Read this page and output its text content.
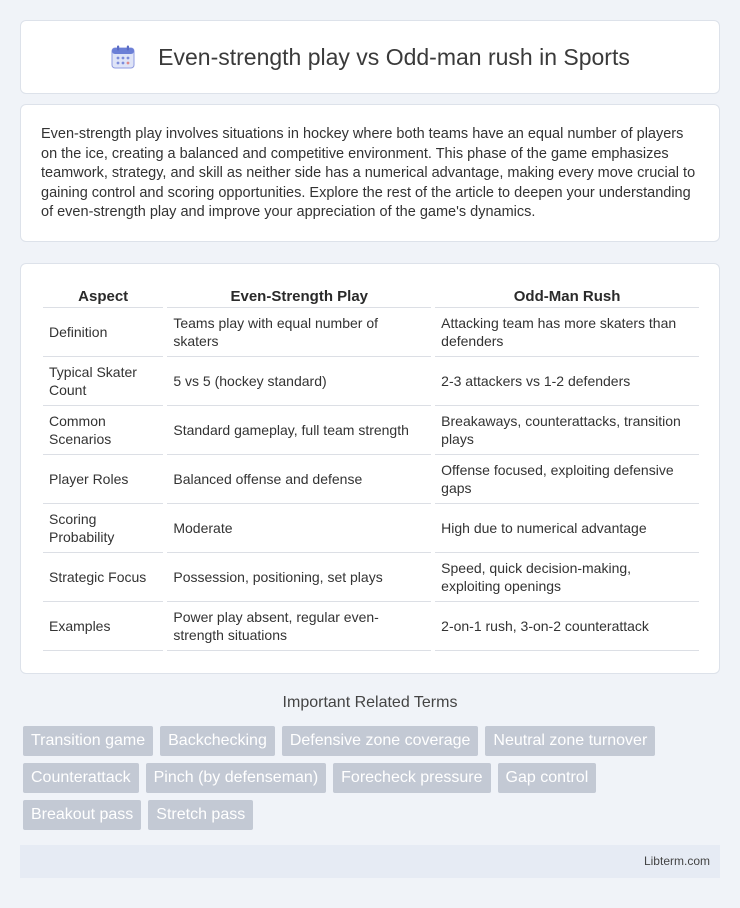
Even-strength play vs Odd-man rush in Sports

Even-strength play involves situations in hockey where both teams have an equal number of players on the ice, creating a balanced and competitive environment. This phase of the game emphasizes teamwork, strategy, and skill as neither side has a numerical advantage, making every move crucial to gaining control and scoring opportunities. Explore the rest of the article to deepen your understanding of even-strength play and improve your appreciation of the game's dynamics.

Aspect		Even-Strength Play		Odd-Man Rush
Definition		Teams play with equal number of skaters		Attacking team has more skaters than defenders
Typical Skater Count		5 vs 5 (hockey standard)		2-3 attackers vs 1-2 defenders
Common Scenarios		Standard gameplay, full team strength		Breakaways, counterattacks, transition plays
Player Roles		Balanced offense and defense		Offense focused, exploiting defensive gaps
Scoring Probability		Moderate		High due to numerical advantage
Strategic Focus		Possession, positioning, set plays		Speed, quick decision-making, exploiting openings
Examples		Power play absent, regular even-strength situations		2-on-1 rush, 3-on-2 counterattack
Important Related Terms
Transition game	Backchecking	Defensive zone coverage	Neutral zone turnover
Counterattack	Pinch (by defenseman)	Forecheck pressure	Gap control
Breakout pass	Stretch pass
Libterm.com
